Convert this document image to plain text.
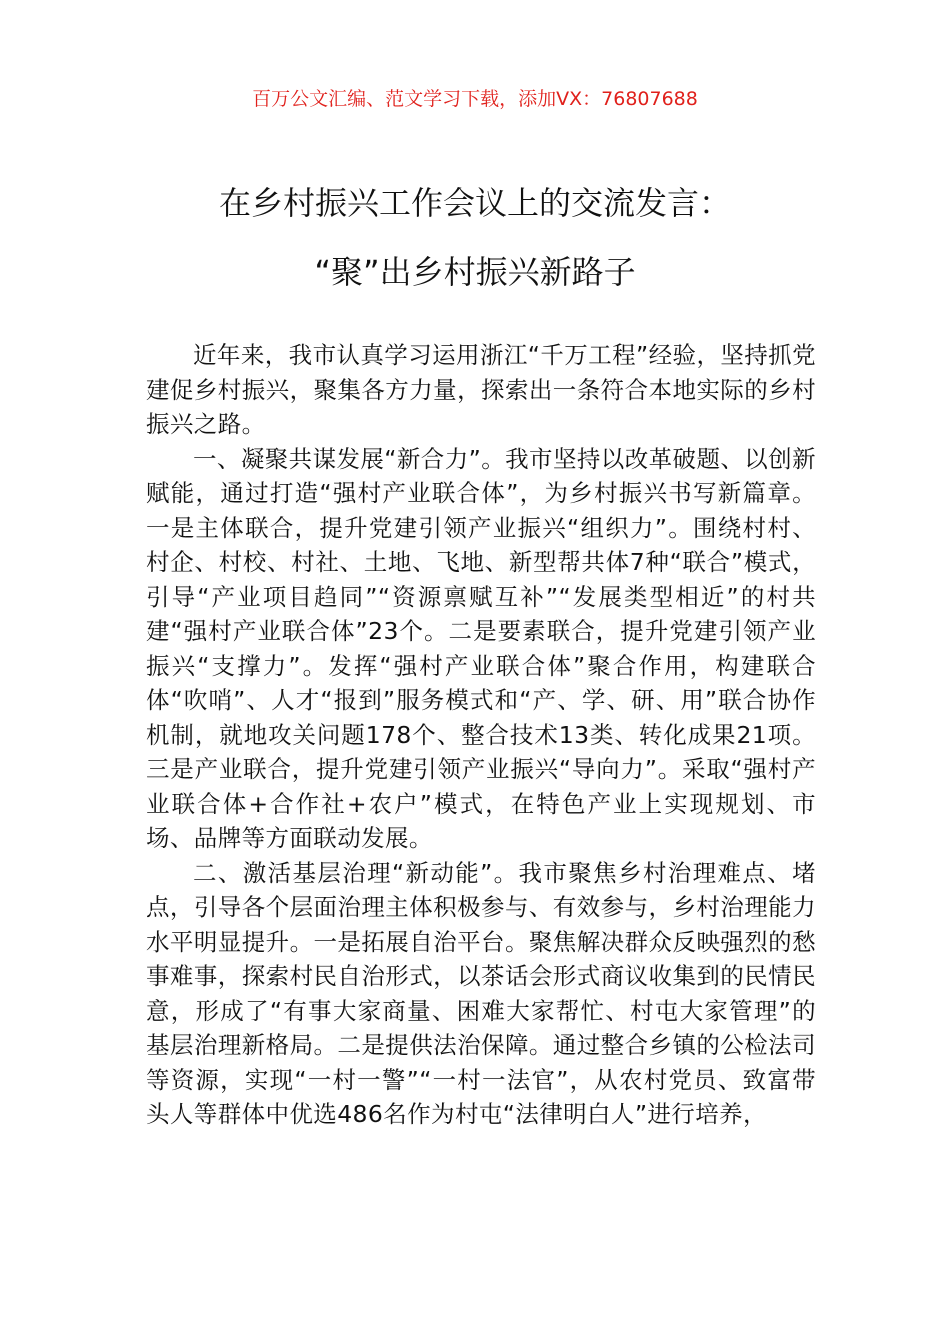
百万公文汇编、范文学习下载，添加VX：76807688
在乡村振兴工作会议上的交流发言：
“聚”出乡村振兴新路子

近年来，我市认真学习运用浙江“千万工程”经验，坚持抓党建促乡村振兴，聚集各方力量，探索出一条符合本地实际的乡村振兴之路。

一、凝聚共谋发展“新合力”。我市坚持以改革破题、以创新赋能，通过打造“强村产业联合体”，为乡村振兴书写新篇章。一是主体联合，提升党建引领产业振兴“组织力”。围绕村村、村企、村校、村社、土地、飞地、新型帮共体7种“联合”模式，引导“产业项目趋同”“资源禀赋互补”“发展类型相近”的村共建“强村产业联合体”23个。二是要素联合，提升党建引领产业振兴“支撑力”。发挥“强村产业联合体”聚合作用，构建联合体“吹哨”、人才“报到”服务模式和“产、学、研、用”联合协作机制，就地攻关问题178个、整合技术13类、转化成果21项。三是产业联合，提升党建引领产业振兴“导向力”。采取“强村产业联合体+合作社+农户”模式，在特色产业上实现规划、市场、品牌等方面联动发展。

二、激活基层治理“新动能”。我市聚焦乡村治理难点、堵点，引导各个层面治理主体积极参与、有效参与，乡村治理能力水平明显提升。一是拓展自治平台。聚焦解决群众反映强烈的愁事难事，探索村民自治形式，以茶话会形式商议收集到的民情民意，形成了“有事大家商量、困难大家帮忙、村屯大家管理”的基层治理新格局。二是提供法治保障。通过整合乡镇的公检法司等资源，实现“一村一警”“一村一法官”，从农村党员、致富带头人等群体中优选486名作为村屯“法律明白人”进行培养，
